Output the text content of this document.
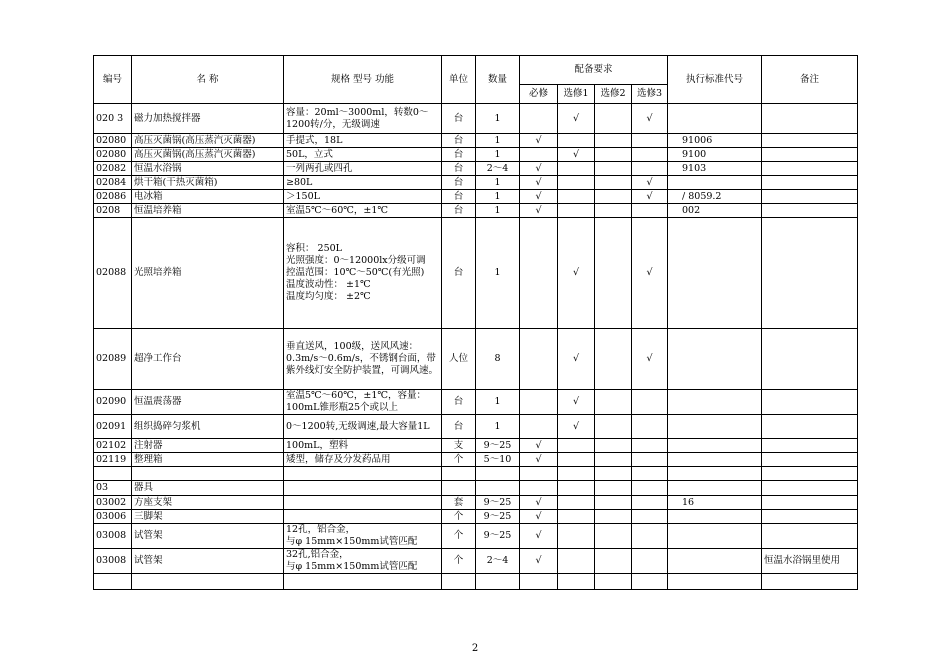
编号	名 称	规格 型号 功能	单位	数量	配备要求				执行标准代号	备注
					必修	选修1	选修2	选修3		
020 3	磁力加热搅拌器	容量：20ml～3000ml，转数0～1200转/分，无级调速	台	1		√		√		
02080	高压灭菌锅(高压蒸汽灭菌器)	手提式，18L	台	1	√				91006	
02080	高压灭菌锅(高压蒸汽灭菌器)	50L，立式	台	1		√			9100	
02082	恒温水浴锅	一列两孔或四孔	台	2～4	√				9103	
02084	烘干箱(干热灭菌箱)	≥80L	台	1	√			√		
02086	电冰箱	＞150L	台	1	√			√	/ 8059.2	
0208	恒温培养箱	室温5℃～60℃，±1℃	台	1	√				002	
02088	光照培养箱	容积： 250L
光照强度：0～12000lx分级可调
控温范围：10℃～50℃(有光照)
温度波动性： ±1℃
温度均匀度： ±2℃	台	1		√		√		
02089	超净工作台	垂直送风，100级，送风风速：0.3m/s～0.6m/s，不锈钢台面，带紫外线灯安全防护装置，可调风速。	人位	8		√		√		
02090	恒温震荡器	室温5℃～60℃，±1℃，容量：100mL锥形瓶25个或以上	台	1		√				
02091	组织捣碎匀浆机	0～1200转,无级调速,最大容量1L	台	1		√				
02102	注射器	100mL，塑料	支	9～25	√					
02119	整理箱	矮型，储存及分发药品用	个	5～10	√					

03	器具									
03002	方座支架		套	9～25	√				16	
03006	三脚架		个	9～25	√					
03008	试管架	12孔，铝合金，
与φ 15mm×150mm试管匹配	个	9～25	√					
03008	试管架	32孔,铝合金，
与φ 15mm×150mm试管匹配	个	2～4	√					恒温水浴锅里使用

2
